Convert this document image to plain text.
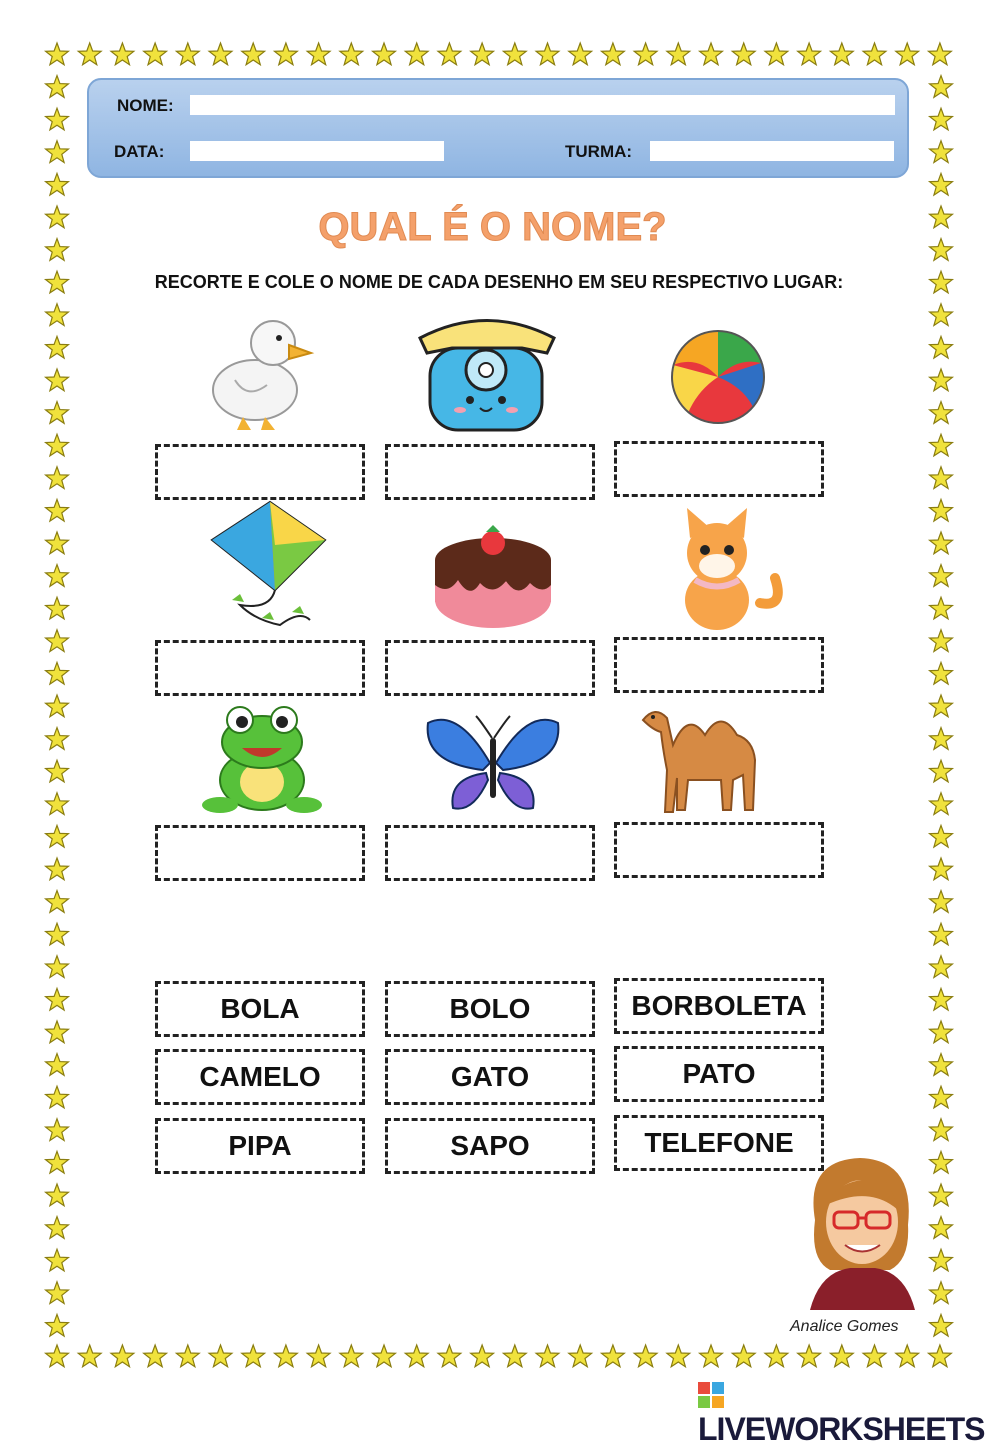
NOME:
DATA:	TURMA:
QUAL É O NOME?
RECORTE E COLE O NOME DE CADA DESENHO EM SEU RESPECTIVO LUGAR:
BOLA	BOLO	BORBOLETA
CAMELO	GATO	PATO
PIPA	SAPO	TELEFONE
Analice Gomes
LIVEWORKSHEETS
